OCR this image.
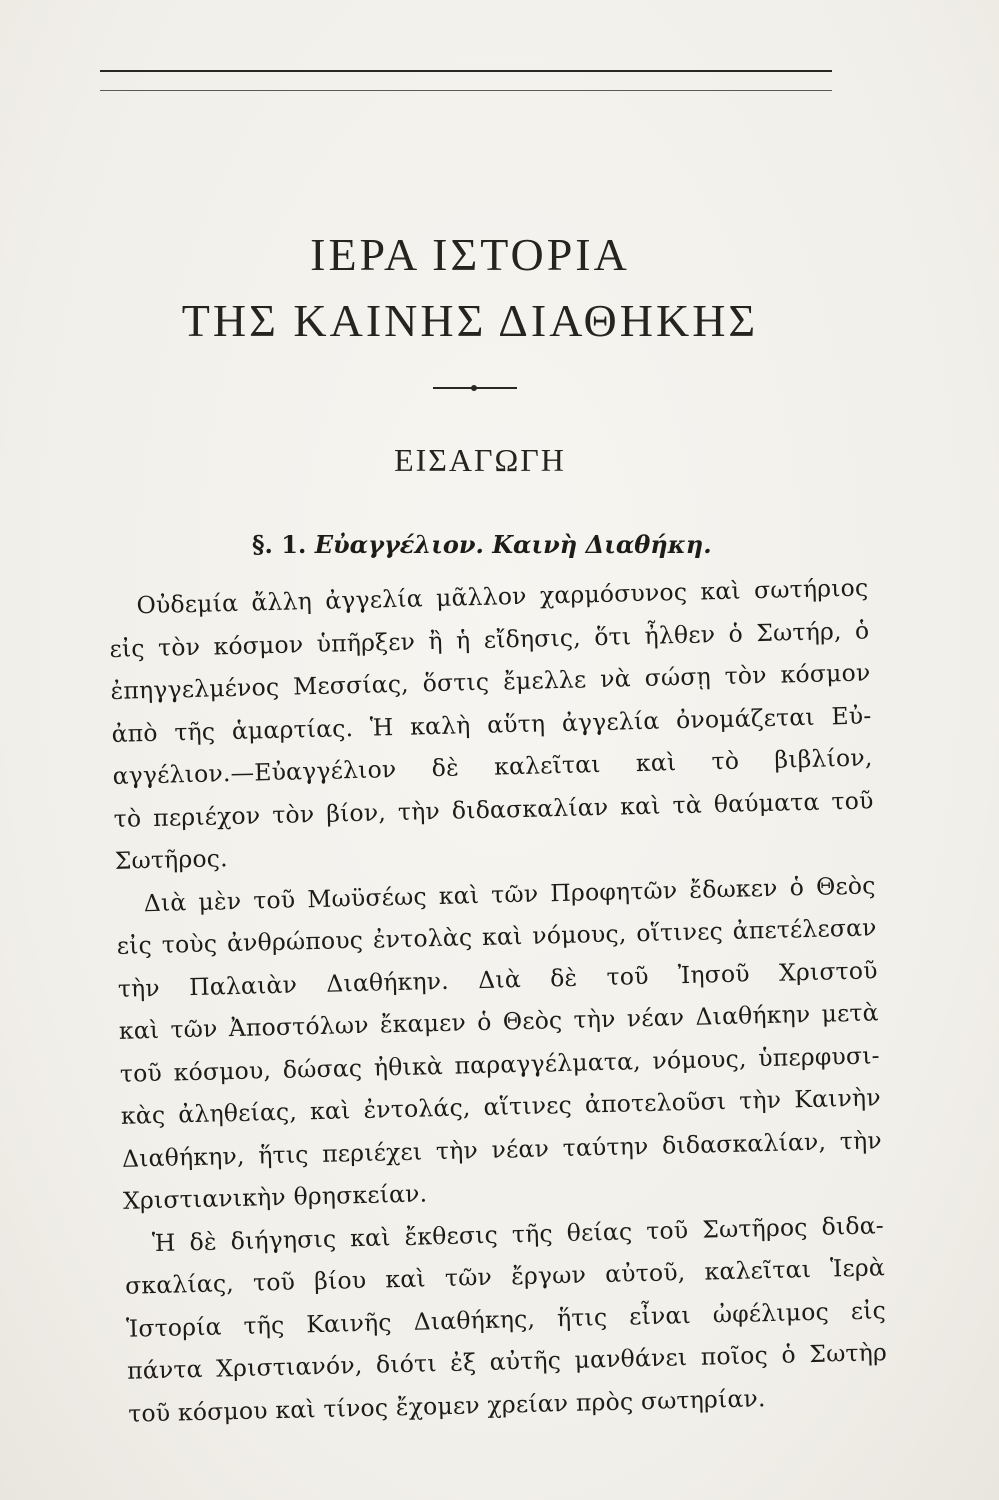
ΙΕΡΑ ΙΣΤΟΡΙΑ
ΤΗΣ ΚΑΙΝΗΣ ΔΙΑΘΗΚΗΣ
ΕΙΣΑΓΩΓΗ
§. 1. Εὐαγγέλιον. Καινὴ Διαθήκη.
Οὐδεμία ἄλλη ἀγγελία μᾶλλον χαρμόσυνος καὶ σωτήριος
εἰς τὸν κόσμον ὑπῆρξεν ἢ ἡ εἴδησις, ὅτι ἦλθεν ὁ Σωτήρ, ὁ
ἐπηγγελμένος Μεσσίας, ὅστις ἔμελλε νὰ σώσῃ τὸν κόσμον
ἀπὸ τῆς ἁμαρτίας. Ἡ καλὴ αὕτη ἀγγελία ὀνομάζεται Εὐ-
αγγέλιον.—Εὐαγγέλιον δὲ καλεῖται καὶ τὸ βιβλίον,
τὸ περιέχον τὸν βίον, τὴν διδασκαλίαν καὶ τὰ θαύματα τοῦ
Σωτῆρος.
Διὰ μὲν τοῦ Μωϋσέως καὶ τῶν Προφητῶν ἔδωκεν ὁ Θεὸς
εἰς τοὺς ἀνθρώπους ἐντολὰς καὶ νόμους, οἵτινες ἀπετέλεσαν
τὴν Παλαιὰν Διαθήκην. Διὰ δὲ τοῦ Ἰησοῦ Χριστοῦ
καὶ τῶν Ἀποστόλων ἔκαμεν ὁ Θεὸς τὴν νέαν Διαθήκην μετὰ
τοῦ κόσμου, δώσας ἠθικὰ παραγγέλματα, νόμους, ὑπερφυσι-
κὰς ἀληθείας, καὶ ἐντολάς, αἵτινες ἀποτελοῦσι τὴν Καινὴν
Διαθήκην, ἥτις περιέχει τὴν νέαν ταύτην διδασκαλίαν, τὴν
Χριστιανικὴν θρησκείαν.
Ἡ δὲ διήγησις καὶ ἔκθεσις τῆς θείας τοῦ Σωτῆρος διδα-
σκαλίας, τοῦ βίου καὶ τῶν ἔργων αὐτοῦ, καλεῖται Ἱερὰ
Ἱστορία τῆς Καινῆς Διαθήκης, ἥτις εἶναι ὠφέλιμος εἰς
πάντα Χριστιανόν, διότι ἐξ αὐτῆς μανθάνει ποῖος ὁ Σωτὴρ
τοῦ κόσμου καὶ τίνος ἔχομεν χρείαν πρὸς σωτηρίαν.
